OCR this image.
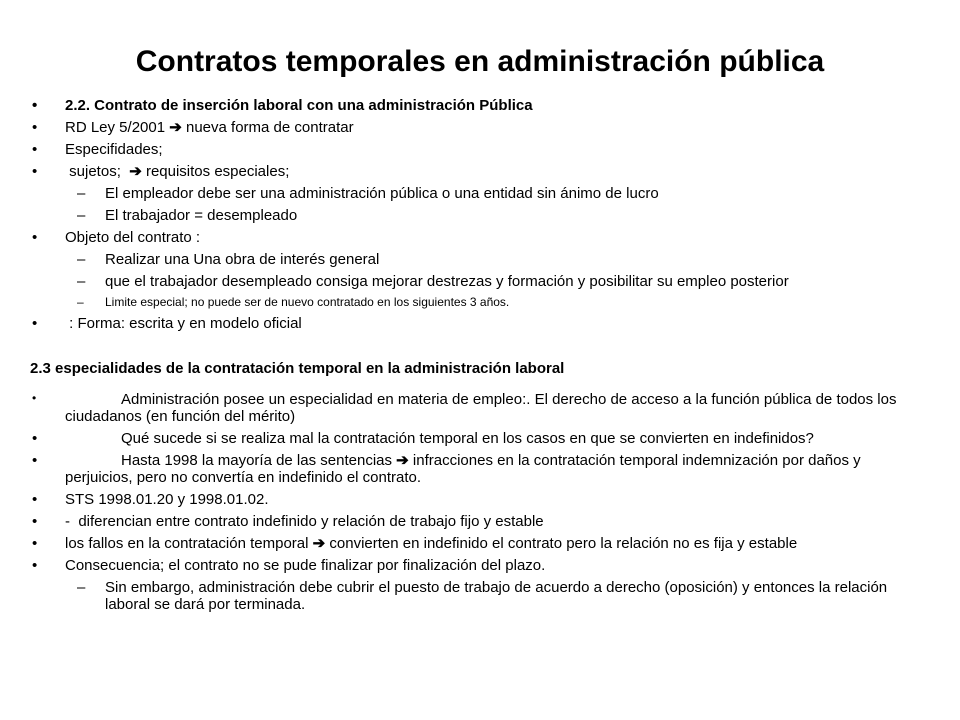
Contratos temporales en administración pública
• 2.2. Contrato de inserción laboral con una administración Pública
• RD Ley 5/2001 ➔ nueva forma de contratar
• Especifidades;
• sujetos;  ➔ requisitos especiales;
– El empleador debe ser una administración pública o una entidad sin ánimo de lucro
– El trabajador = desempleado
• Objeto del contrato :
– Realizar una Una obra de interés general
– que el trabajador desempleado consiga mejorar destrezas y formación y posibilitar su empleo posterior
– Limite especial; no puede ser de nuevo contratado en los siguientes 3 años.
• : Forma: escrita y en modelo oficial
2.3 especialidades de la contratación temporal en la administración laboral
•	Administración posee un especialidad en materia de empleo:. El derecho de acceso a la función pública de todos los ciudadanos (en función del mérito)
•	Qué sucede si se realiza mal la contratación temporal en los casos en que se convierten en indefinidos?
•	Hasta 1998 la mayoría de las sentencias ➔ infracciones en la contratación temporal indemnización por daños y perjuicios, pero no convertía en indefinido el contrato.
• STS 1998.01.20 y 1998.01.02.
• -  diferencian entre contrato indefinido y relación de trabajo fijo y estable
• los fallos en la contratación temporal ➔ convierten en indefinido el contrato pero la relación no es fija y estable
• Consecuencia; el contrato no se pude finalizar por finalización del plazo.
– Sin embargo, administración debe cubrir el puesto de trabajo de acuerdo a derecho (oposición) y entonces la relación laboral se dará por terminada.
